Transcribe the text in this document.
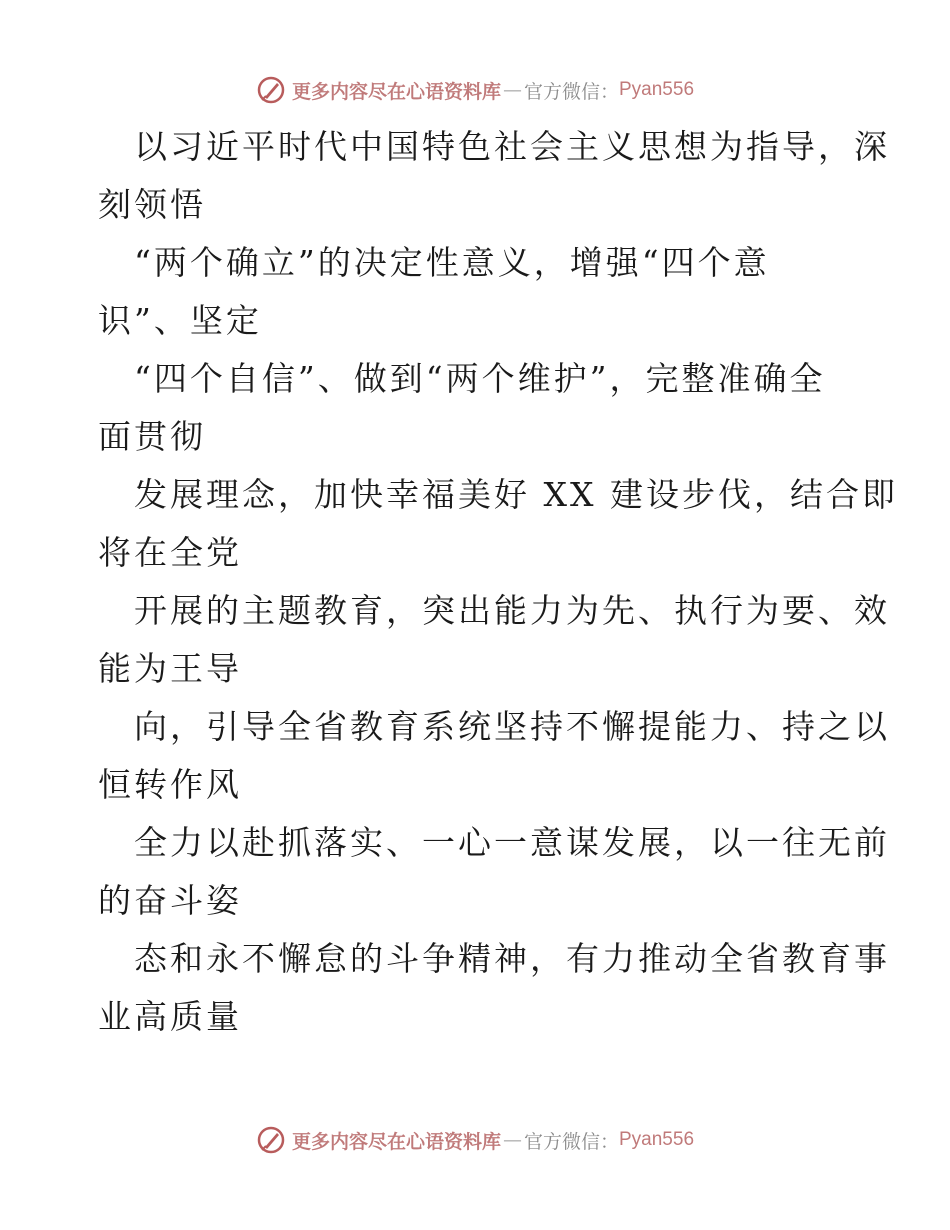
更多内容尽在心语资料库 — 官方微信： Pyan556

以习近平时代中国特色社会主义思想为指导，深

刻领悟

“两个确立”的决定性意义，增强“四个意

识”、坚定

“四个自信”、做到“两个维护”，完整准确全

面贯彻

发展理念，加快幸福美好 XX 建设步伐，结合即

将在全党

开展的主题教育，突出能力为先、执行为要、效

能为王导

向，引导全省教育系统坚持不懈提能力、持之以

恒转作风

全力以赴抓落实、一心一意谋发展，以一往无前

的奋斗姿

态和永不懈怠的斗争精神，有力推动全省教育事

业高质量

更多内容尽在心语资料库 — 官方微信： Pyan556
